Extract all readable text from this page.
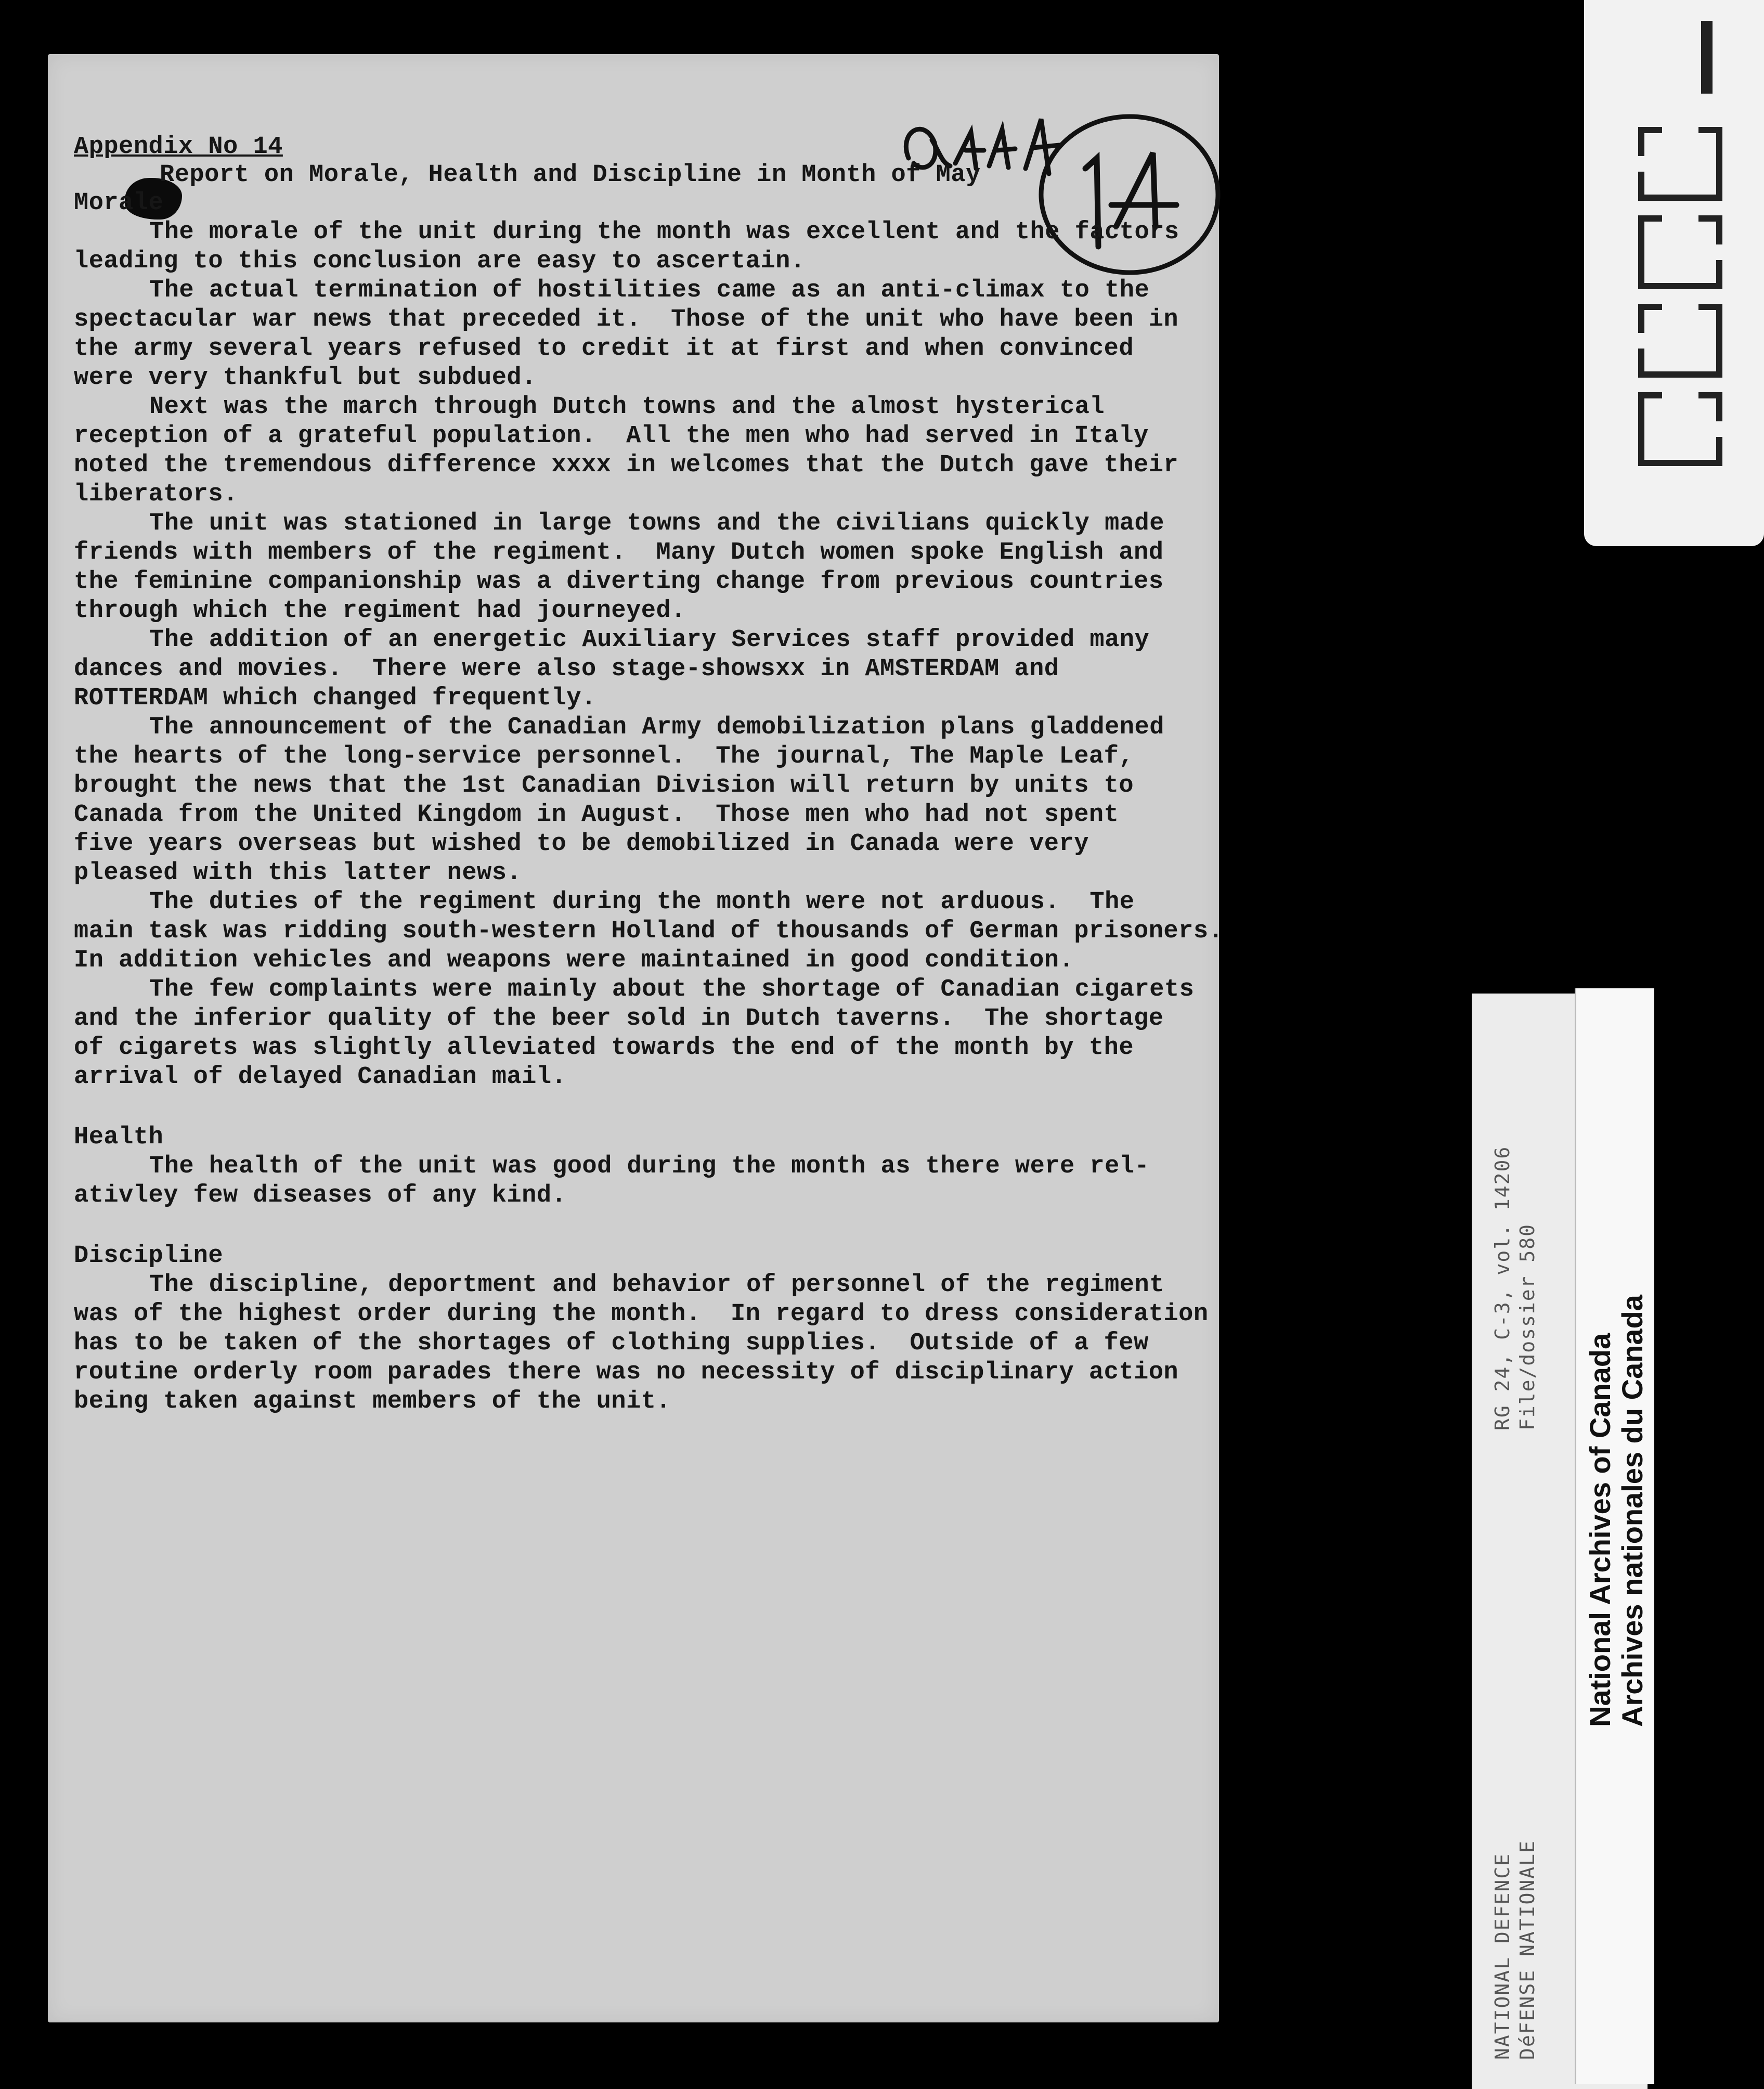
Appendix No 14
Report on Morale, Health and Discipline in Month of May
Morale
The morale of the unit during the month was excellent and the factors
leading to this conclusion are easy to ascertain.
The actual termination of hostilities came as an anti-climax to the
spectacular war news that preceded it.  Those of the unit who have been in
the army several years refused to credit it at first and when convinced
were very thankful but subdued.
Next was the march through Dutch towns and the almost hysterical
reception of a grateful population.  All the men who had served in Italy
noted the tremendous difference xxxx in welcomes that the Dutch gave their
liberators.
The unit was stationed in large towns and the civilians quickly made
friends with members of the regiment.  Many Dutch women spoke English and
the feminine companionship was a diverting change from previous countries
through which the regiment had journeyed.
The addition of an energetic Auxiliary Services staff provided many
dances and movies.  There were also stage-showsxx in AMSTERDAM and
ROTTERDAM which changed frequently.
The announcement of the Canadian Army demobilization plans gladdened
the hearts of the long-service personnel.  The journal, The Maple Leaf,
brought the news that the 1st Canadian Division will return by units to
Canada from the United Kingdom in August.  Those men who had not spent
five years overseas but wished to be demobilized in Canada were very
pleased with this latter news.
The duties of the regiment during the month were not arduous.  The
main task was ridding south-western Holland of thousands of German prisoners.
In addition vehicles and weapons were maintained in good condition.
The few complaints were mainly about the shortage of Canadian cigarets
and the inferior quality of the beer sold in Dutch taverns.  The shortage
of cigarets was slightly alleviated towards the end of the month by the
arrival of delayed Canadian mail.
Health
The health of the unit was good during the month as there were rel-
ativley few diseases of any kind.
Discipline
The discipline, deportment and behavior of personnel of the regiment
was of the highest order during the month.  In regard to dress consideration
has to be taken of the shortages of clothing supplies.  Outside of a few
routine orderly room parades there was no necessity of disciplinary action
being taken against members of the unit.	RG 24, C-3, vol. 14206 File/dossier 580
NATIONAL DEFENCE DéFENSE NATIONALE
National Archives of Canada Archives nationales du Canada
